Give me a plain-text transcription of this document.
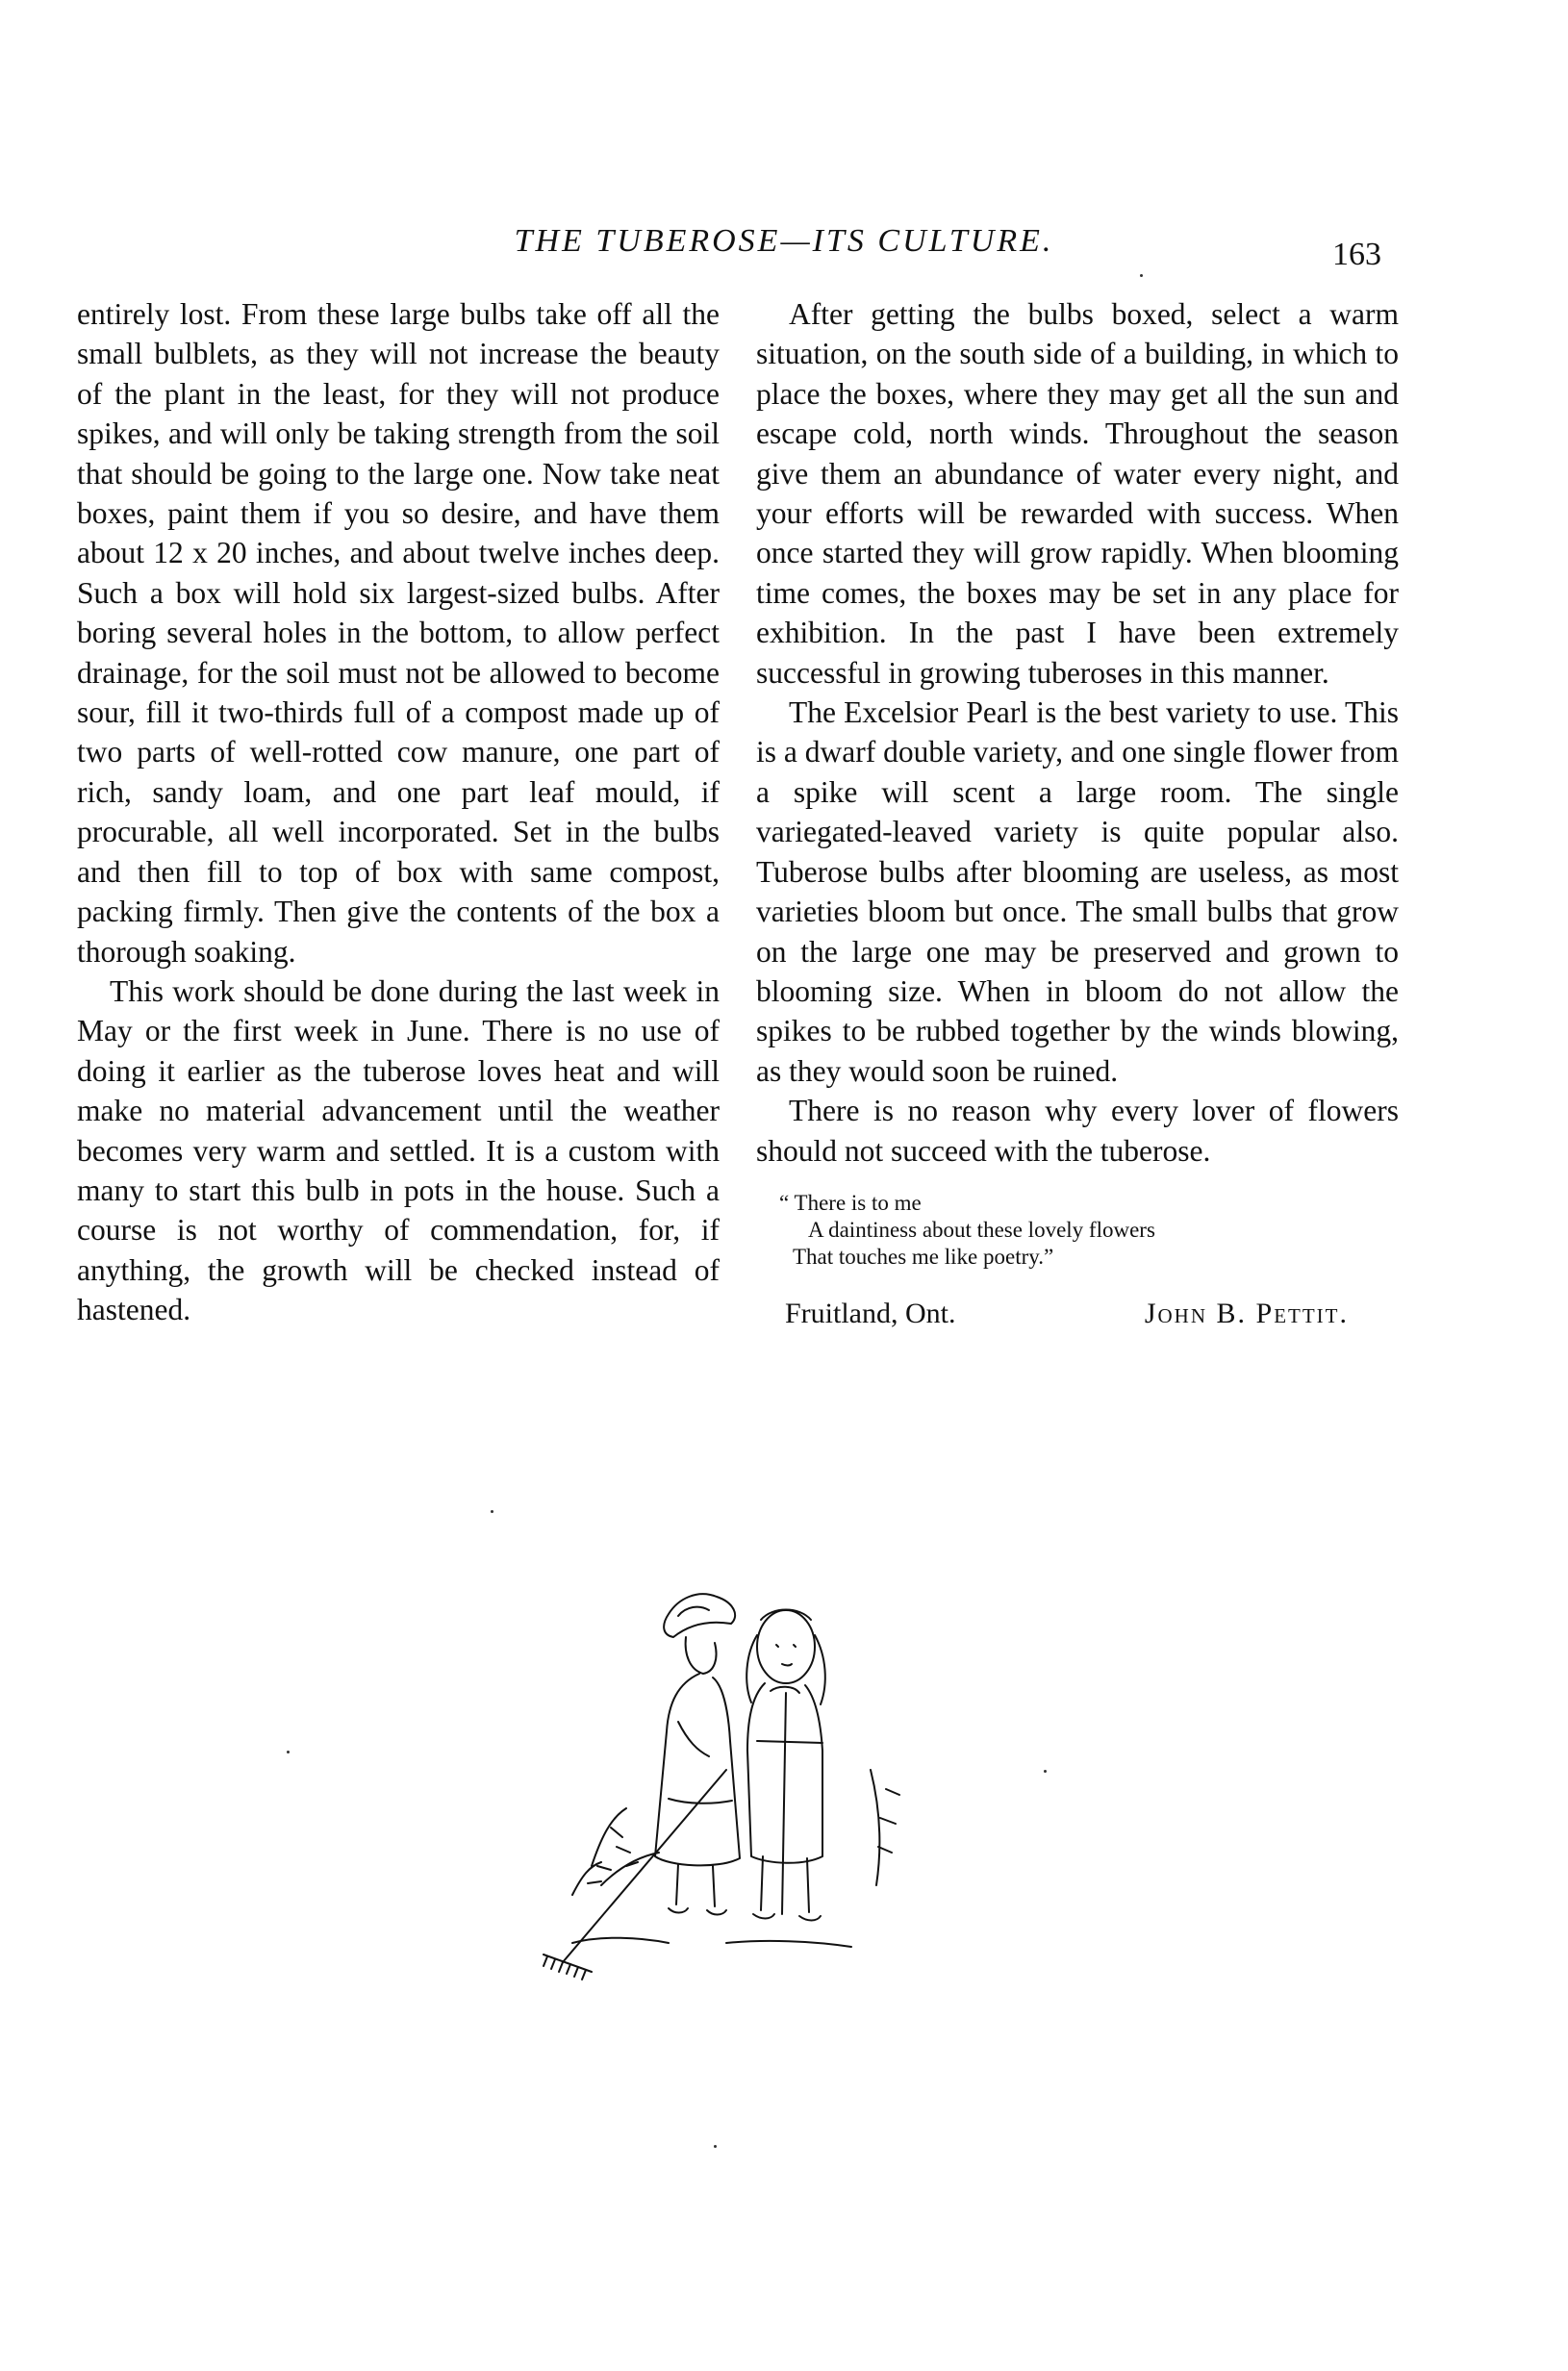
THE TUBEROSE—ITS CULTURE.	163

entirely lost. From these large bulbs take off all the small bulblets, as they will not increase the beauty of the plant in the least, for they will not produce spikes, and will only be taking strength from the soil that should be going to the large one. Now take neat boxes, paint them if you so desire, and have them about 12 x 20 inches, and about twelve inches deep. Such a box will hold six largest-sized bulbs. After boring several holes in the bottom, to allow perfect drainage, for the soil must not be allowed to become sour, fill it two-thirds full of a compost made up of two parts of well-rotted cow manure, one part of rich, sandy loam, and one part leaf mould, if procurable, all well incorporated. Set in the bulbs and then fill to top of box with same compost, packing firmly. Then give the contents of the box a thorough soaking.

This work should be done during the last week in May or the first week in June. There is no use of doing it earlier as the tuberose loves heat and will make no material advancement until the weather becomes very warm and settled. It is a custom with many to start this bulb in pots in the house. Such a course is not worthy of commendation, for, if anything, the growth will be checked instead of hastened.

After getting the bulbs boxed, select a warm situation, on the south side of a building, in which to place the boxes, where they may get all the sun and escape cold, north winds. Throughout the season give them an abundance of water every night, and your efforts will be rewarded with success. When once started they will grow rapidly. When blooming time comes, the boxes may be set in any place for exhibition. In the past I have been extremely successful in growing tuberoses in this manner.

The Excelsior Pearl is the best variety to use. This is a dwarf double variety, and one single flower from a spike will scent a large room. The single variegated-leaved variety is quite popular also. Tuberose bulbs after blooming are useless, as most varieties bloom but once. The small bulbs that grow on the large one may be preserved and grown to blooming size. When in bloom do not allow the spikes to be rubbed together by the winds blowing, as they would soon be ruined.

There is no reason why every lover of flowers should not succeed with the tuberose.

“ There is to me
A daintiness about these lovely flowers
That touches me like poetry.”
Fruitland, Ont.	John B. Pettit.
